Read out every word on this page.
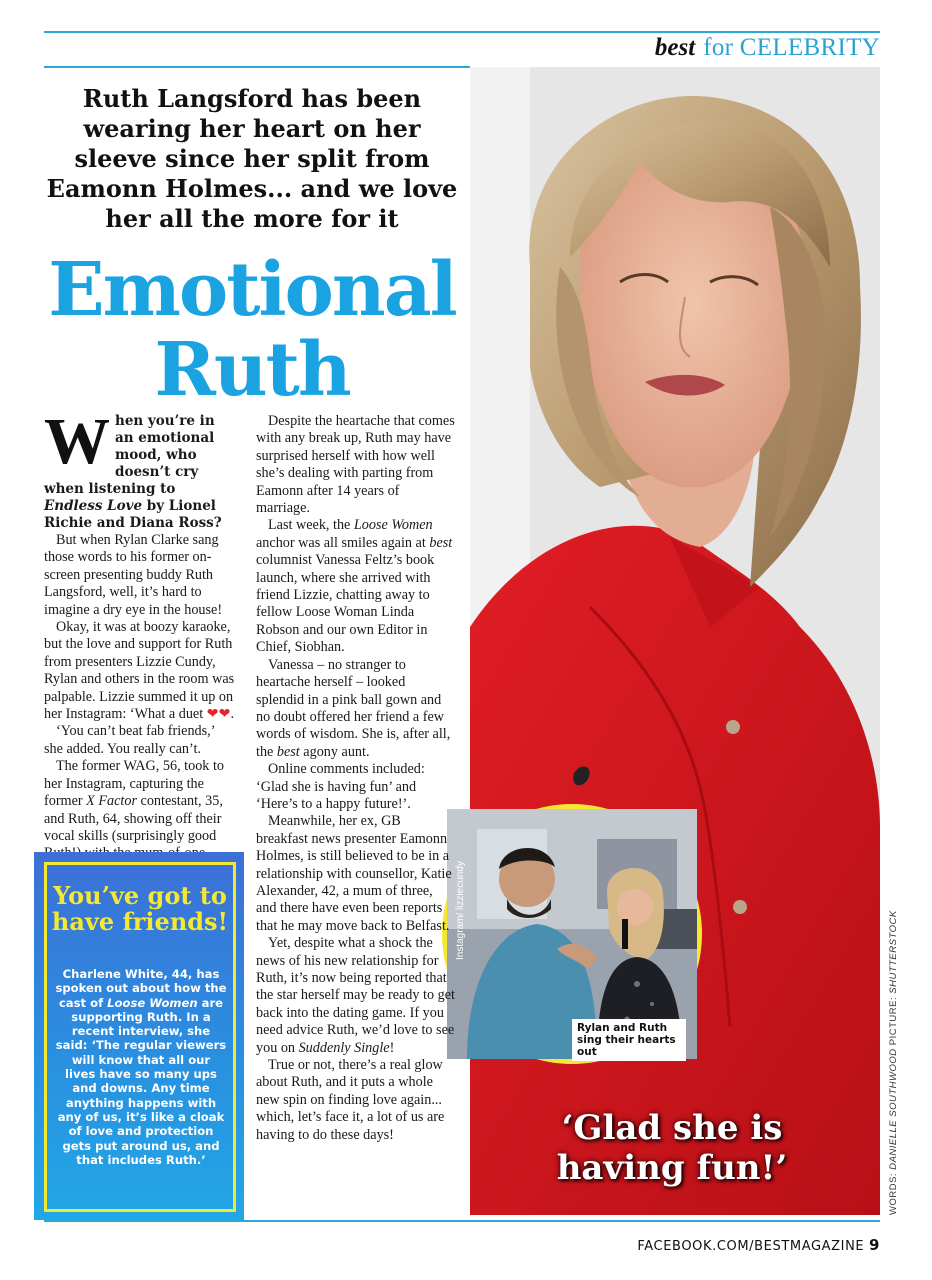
best for CELEBRITY

Ruth Langsford has been wearing her heart on her sleeve since her split from Eamonn Holmes... and we love her all the more for it

Emotional
Ruth
Instagram/ lizziecundy
Rylan and Ruth sing their hearts out
‘Glad she is having fun!’

When you’re in an emotional mood, who doesn’t cry when listening to Endless Love by Lionel Richie and Diana Ross?

But when Rylan Clarke sang those words to his former on-screen presenting buddy Ruth Langsford, well, it’s hard to imagine a dry eye in the house!

Okay, it was at boozy karaoke, but the love and support for Ruth from presenters Lizzie Cundy, Rylan and others in the room was palpable. Lizzie summed it up on her Instagram: ‘What a duet ❤❤.

‘You can’t beat fab friends,’ she added. You really can’t.

The former WAG, 56, took to her Instagram, capturing the former X Factor contestant, 35, and Ruth, 64, showing off their vocal skills (surprisingly good

Despite the heartache that comes with any break up, Ruth may have surprised herself with how well she’s dealing with parting from Eamonn after 14 years of marriage.

Last week, the Loose Women anchor was all smiles again at best columnist Vanessa Feltz’s book launch, where she arrived with friend Lizzie, chatting away to fellow Loose Woman Linda Robson and our own Editor in Chief, Siobhan.

Vanessa – no stranger to heartache herself – looked splendid in a pink ball gown and no doubt offered her friend a few words of wisdom. She is, after all, the best agony aunt.

Online comments included: ‘Glad she is having fun’ and ‘Here’s to a happy future!’.

Meanwhile, her ex, GB breakfast news presenter Eamonn Holmes, is still believed to be in a relationship with counsellor, Katie Alexander, 42, a mum of three, and there have even been reports that he may move back to Belfast.

Yet, despite what a shock the news of his new relationship for Ruth, it’s now being reported that the star herself may be ready to get back into the dating game. If you need advice Ruth, we’d love to see you on Suddenly Single!

True or not, there’s a real glow about Ruth, and it puts a whole new spin on finding love again... which, let’s face it, a lot of us are having to do these days!

You’ve got to have friends!
Charlene White, 44, has spoken out about how the cast of Loose Women are supporting Ruth. In a recent interview, she said: ‘The regular viewers will know that all our lives have so many ups and downs. Any time anything happens with any of us, it’s like a cloak of love and protection gets put around us, and that includes Ruth.’
WORDS: DANIELLE SOUTHWOOD PICTURE: SHUTTERSTOCK
FACEBOOK.COM/BESTMAGAZINE 9
